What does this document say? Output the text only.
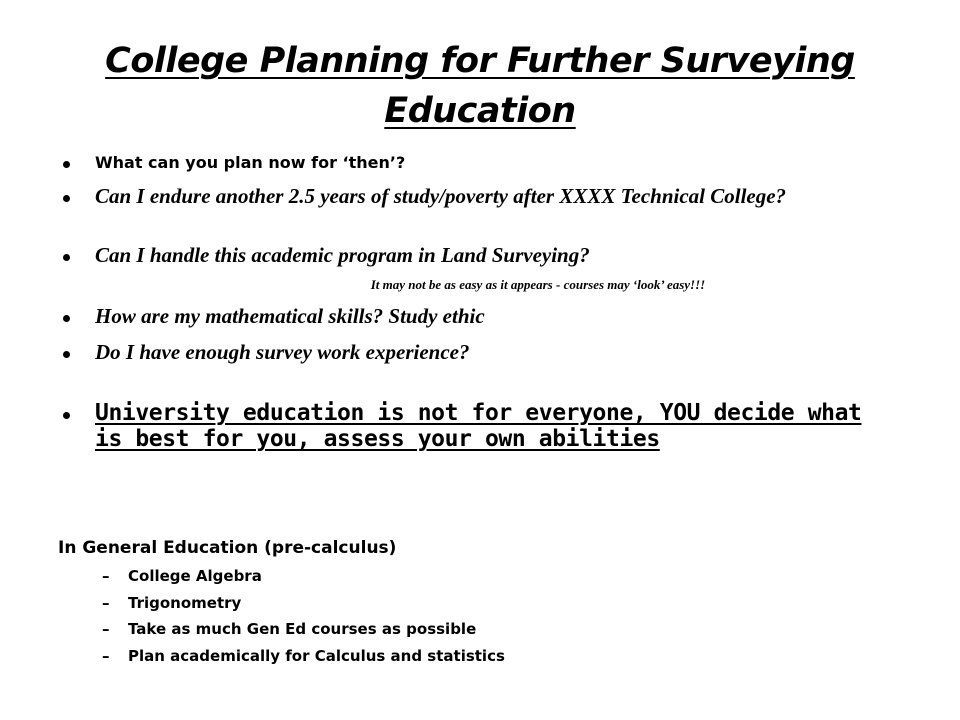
College Planning for Further Surveying Education
What can you plan now for ‘then’?
Can I endure another 2.5 years of study/poverty after XXXX Technical College?
Can I handle this academic program in Land Surveying?
It may not be as easy as it appears - courses may ‘look’ easy!!!
How are my mathematical skills? Study ethic
Do I have enough survey work experience?
University education is not for everyone, YOU decide what is best for you, assess your own abilities
In General Education (pre-calculus)
– College Algebra
– Trigonometry
– Take as much Gen Ed courses as possible
– Plan academically for Calculus and statistics
